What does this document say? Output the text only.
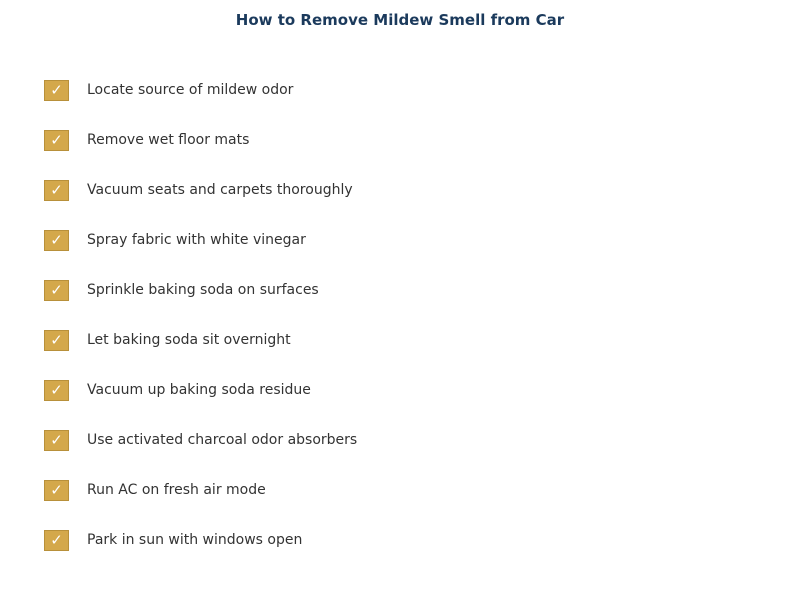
How to Remove Mildew Smell from Car
✓	Locate source of mildew odor
✓	Remove wet floor mats
✓	Vacuum seats and carpets thoroughly
✓	Spray fabric with white vinegar
✓	Sprinkle baking soda on surfaces
✓	Let baking soda sit overnight
✓	Vacuum up baking soda residue
✓	Use activated charcoal odor absorbers
✓	Run AC on fresh air mode
✓	Park in sun with windows open
